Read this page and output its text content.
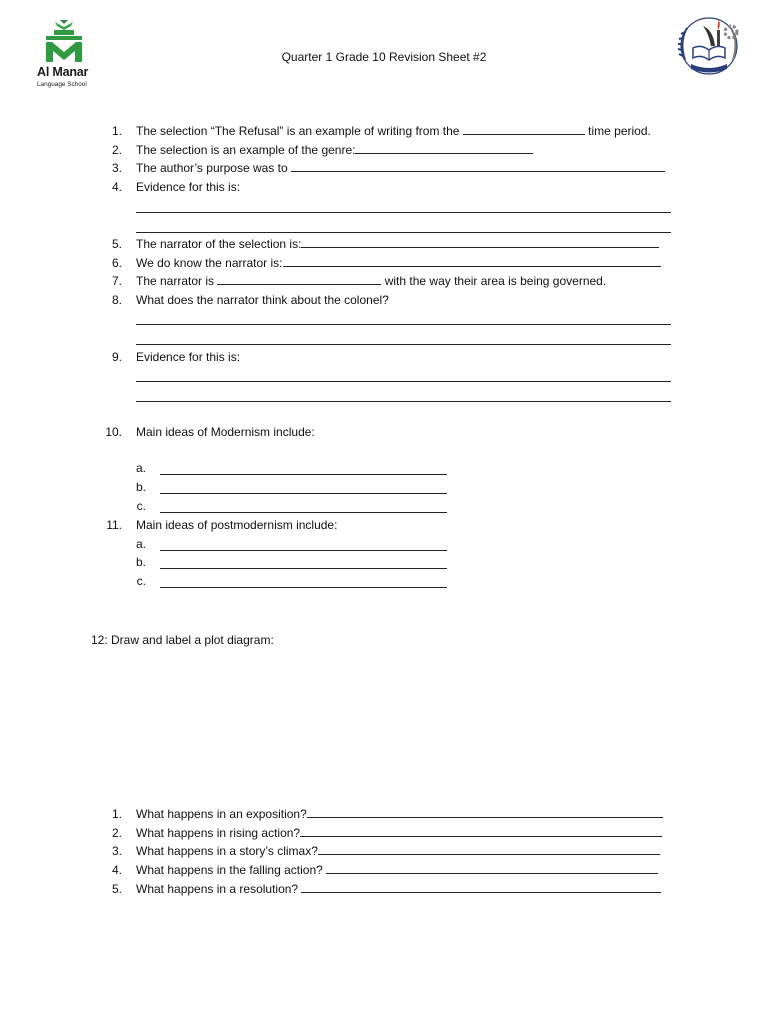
Al Manar
Language School
Quarter 1 Grade 10 Revision Sheet #2
1. The selection “The Refusal” is an example of writing from the	time period.
2. The selection is an example of the genre:
3. The author’s purpose was to
4. Evidence for this is:
5. The narrator of the selection is:
6. We do know the narrator is:
7. The narrator is	with the way their area is being governed.
8. What does the narrator think about the colonel?
9. Evidence for this is:
10. Main ideas of Modernism include:
a.
b.
c.
11. Main ideas of postmodernism include:
a.
b.
c.
12: Draw and label a plot diagram:
1. What happens in an exposition?
2. What happens in rising action?
3. What happens in a story’s climax?
4. What happens in the falling action?
5. What happens in a resolution?
